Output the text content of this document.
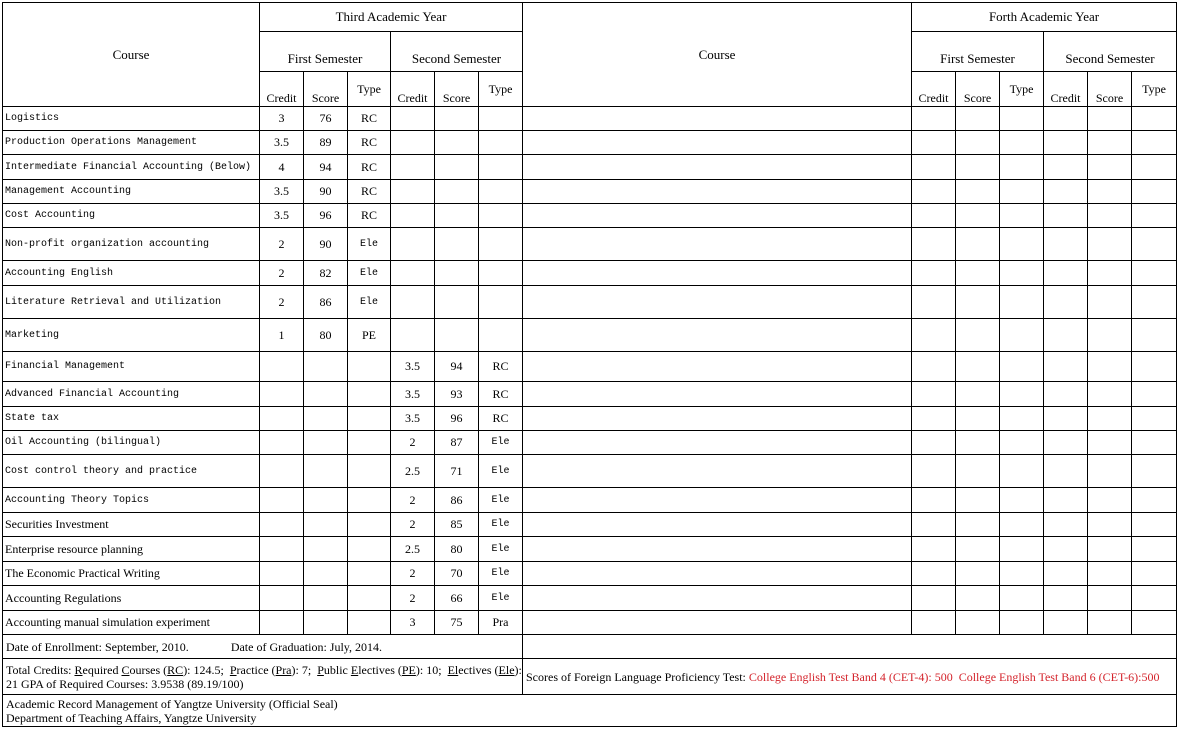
Course	Third Academic Year						Course	Forth Academic Year					
	First Semester			Second Semester				First Semester			Second Semester		
	Credit	Score	Type	Credit	Score	Type		Credit	Score	Type	Credit	Score	Type
Logistics	3	76	RC										
Production Operations Management	3.5	89	RC										
Intermediate Financial Accounting (Below)	4	94	RC										
Management Accounting	3.5	90	RC										
Cost Accounting	3.5	96	RC										
Non-profit organization accounting	2	90	Ele										
Accounting English	2	82	Ele										
Literature Retrieval and Utilization	2	86	Ele										
Marketing	1	80	PE										
Financial Management				3.5	94	RC							
Advanced Financial Accounting				3.5	93	RC							
State tax				3.5	96	RC							
Oil Accounting (bilingual)				2	87	Ele							
Cost control theory and practice				2.5	71	Ele							
Accounting Theory Topics				2	86	Ele							
Securities Investment				2	85	Ele							
Enterprise resource planning				2.5	80	Ele							
The Economic Practical Writing				2	70	Ele							
Accounting Regulations				2	66	Ele							
Accounting manual simulation experiment				3	75	Pra							
Date of Enrollment: September, 2010. Date of Graduation: July, 2014.													
Total Credits: Required Courses (RC): 124.5; Practice (Pra): 7; Public Electives (PE): 10; Electives (Ele):
21 GPA of Required Courses: 3.9538 (89.19/100)							Scores of Foreign Language Proficiency Test: College English Test Band 4 (CET-4): 500 College English Test Band 6 (CET-6):500						
Academic Record Management of Yangtze University (Official Seal)
Department of Teaching Affairs, Yangtze University													
